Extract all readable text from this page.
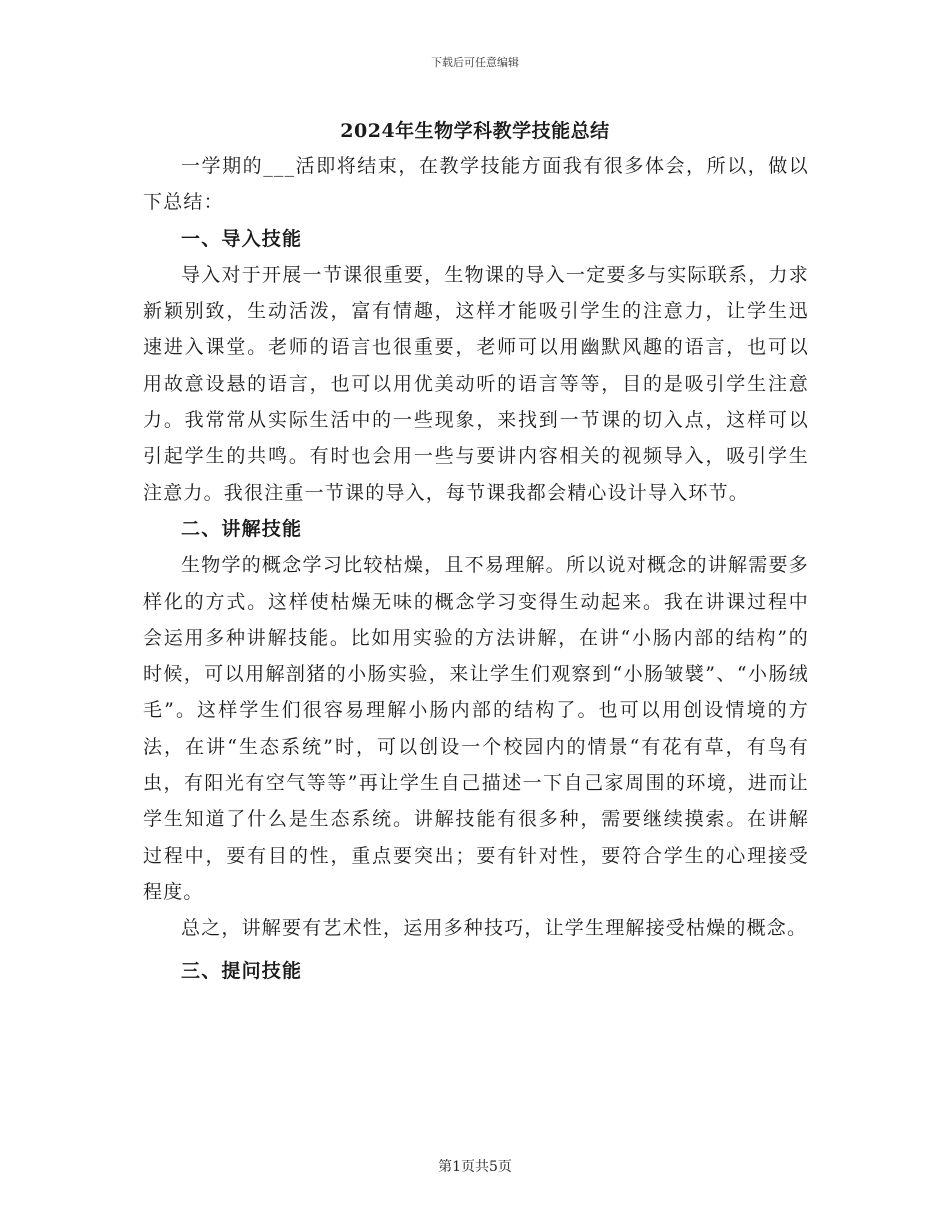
下载后可任意编辑
2024年生物学科教学技能总结

一学期的___活即将结束，在教学技能方面我有很多体会，所以，做以下总结：

一、导入技能

导入对于开展一节课很重要，生物课的导入一定要多与实际联系，力求新颖别致，生动活泼，富有情趣，这样才能吸引学生的注意力，让学生迅速进入课堂。老师的语言也很重要，老师可以用幽默风趣的语言，也可以用故意设悬的语言，也可以用优美动听的语言等等，目的是吸引学生注意力。我常常从实际生活中的一些现象，来找到一节课的切入点，这样可以引起学生的共鸣。有时也会用一些与要讲内容相关的视频导入，吸引学生注意力。我很注重一节课的导入，每节课我都会精心设计导入环节。

二、讲解技能

生物学的概念学习比较枯燥，且不易理解。所以说对概念的讲解需要多样化的方式。这样使枯燥无味的概念学习变得生动起来。我在讲课过程中会运用多种讲解技能。比如用实验的方法讲解，在讲“小肠内部的结构”的时候，可以用解剖猪的小肠实验，来让学生们观察到“小肠皱襞”、“小肠绒毛”。这样学生们很容易理解小肠内部的结构了。也可以用创设情境的方法，在讲“生态系统”时，可以创设一个校园内的情景“有花有草，有鸟有虫，有阳光有空气等等”再让学生自己描述一下自己家周围的环境，进而让学生知道了什么是生态系统。讲解技能有很多种，需要继续摸索。在讲解过程中，要有目的性，重点要突出；要有针对性，要符合学生的心理接受程度。

总之，讲解要有艺术性，运用多种技巧，让学生理解接受枯燥的概念。

三、提问技能
第1页共5页
